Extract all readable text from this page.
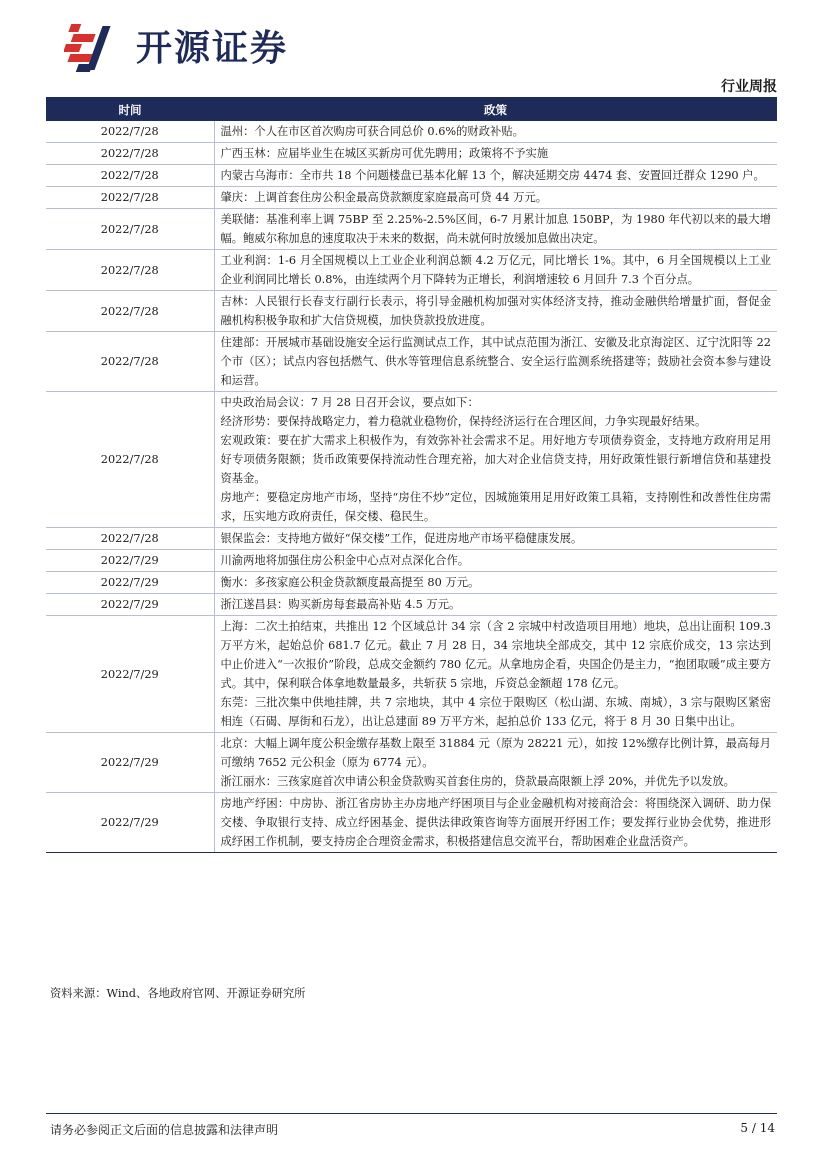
开源证券
行业周报
时间	政策
2022/7/28	温州：个人在市区首次购房可获合同总价 0.6%的财政补贴。

2022/7/28	广西玉林：应届毕业生在城区买新房可优先聘用；政策将不予实施

2022/7/28	内蒙古乌海市：全市共 18 个问题楼盘已基本化解 13 个，解决延期交房 4474 套、安置回迁群众 1290 户。

2022/7/28	肇庆：上调首套住房公积金最高贷款额度家庭最高可贷 44 万元。

2022/7/28	美联储：基准利率上调 75BP 至 2.25%-2.5%区间，6-7 月累计加息 150BP，为 1980 年代初以来的最大增幅。鲍威尔称加息的速度取决于未来的数据，尚未就何时放缓加息做出决定。

2022/7/28	工业利润：1-6 月全国规模以上工业企业利润总额 4.2 万亿元，同比增长 1%。其中，6 月全国规模以上工业企业利润同比增长 0.8%，由连续两个月下降转为正增长，利润增速较 6 月回升 7.3 个百分点。

2022/7/28	吉林：人民银行长春支行副行长表示，将引导金融机构加强对实体经济支持，推动金融供给增量扩面，督促金融机构积极争取和扩大信贷规模，加快贷款投放进度。

2022/7/28	住建部：开展城市基础设施安全运行监测试点工作，其中试点范围为浙江、安徽及北京海淀区、辽宁沈阳等 22 个市（区）；试点内容包括燃气、供水等管理信息系统整合、安全运行监测系统搭建等；鼓励社会资本参与建设和运营。

2022/7/28	中央政治局会议：7 月 28 日召开会议，要点如下：
经济形势：要保持战略定力，着力稳就业稳物价，保持经济运行在合理区间，力争实现最好结果。
宏观政策：要在扩大需求上积极作为，有效弥补社会需求不足。用好地方专项债券资金，支持地方政府用足用好专项债务限额；货币政策要保持流动性合理充裕，加大对企业信贷支持，用好政策性银行新增信贷和基建投资基金。
房地产：要稳定房地产市场，坚持“房住不炒”定位，因城施策用足用好政策工具箱，支持刚性和改善性住房需求，压实地方政府责任，保交楼、稳民生。

2022/7/28	银保监会：支持地方做好“保交楼”工作，促进房地产市场平稳健康发展。

2022/7/29	川渝两地将加强住房公积金中心点对点深化合作。

2022/7/29	衡水：多孩家庭公积金贷款额度最高提至 80 万元。

2022/7/29	浙江遂昌县：购买新房每套最高补贴 4.5 万元。

2022/7/29	上海：二次土拍结束，共推出 12 个区域总计 34 宗（含 2 宗城中村改造项目用地）地块，总出让面积 109.3 万平方米，起始总价 681.7 亿元。截止 7 月 28 日，34 宗地块全部成交，其中 12 宗底价成交，13 宗达到中止价进入“一次报价”阶段，总成交金额约 780 亿元。从拿地房企看，央国企仍是主力，“抱团取暖”成主要方式。其中，保利联合体拿地数量最多，共斩获 5 宗地，斥资总金额超 178 亿元。
东莞：三批次集中供地挂牌，共 7 宗地块，其中 4 宗位于限购区（松山湖、东城、南城），3 宗与限购区紧密相连（石碣、厚街和石龙），出让总建面 89 万平方米，起拍总价 133 亿元，将于 8 月 30 日集中出让。

2022/7/29	北京：大幅上调年度公积金缴存基数上限至 31884 元（原为 28221 元），如按 12%缴存比例计算，最高每月可缴纳 7652 元公积金（原为 6774 元）。
浙江丽水：三孩家庭首次申请公积金贷款购买首套住房的，贷款最高限额上浮 20%，并优先予以发放。

2022/7/29	房地产纾困：中房协、浙江省房协主办房地产纾困项目与企业金融机构对接商洽会：将围绕深入调研、助力保交楼、争取银行支持、成立纾困基金、提供法律政策咨询等方面展开纾困工作；要发挥行业协会优势，推进形成纾困工作机制，要支持房企合理资金需求，积极搭建信息交流平台，帮助困难企业盘活资产。
资料来源：Wind、各地政府官网、开源证券研究所
请务必参阅正文后面的信息披露和法律声明	5 / 14
